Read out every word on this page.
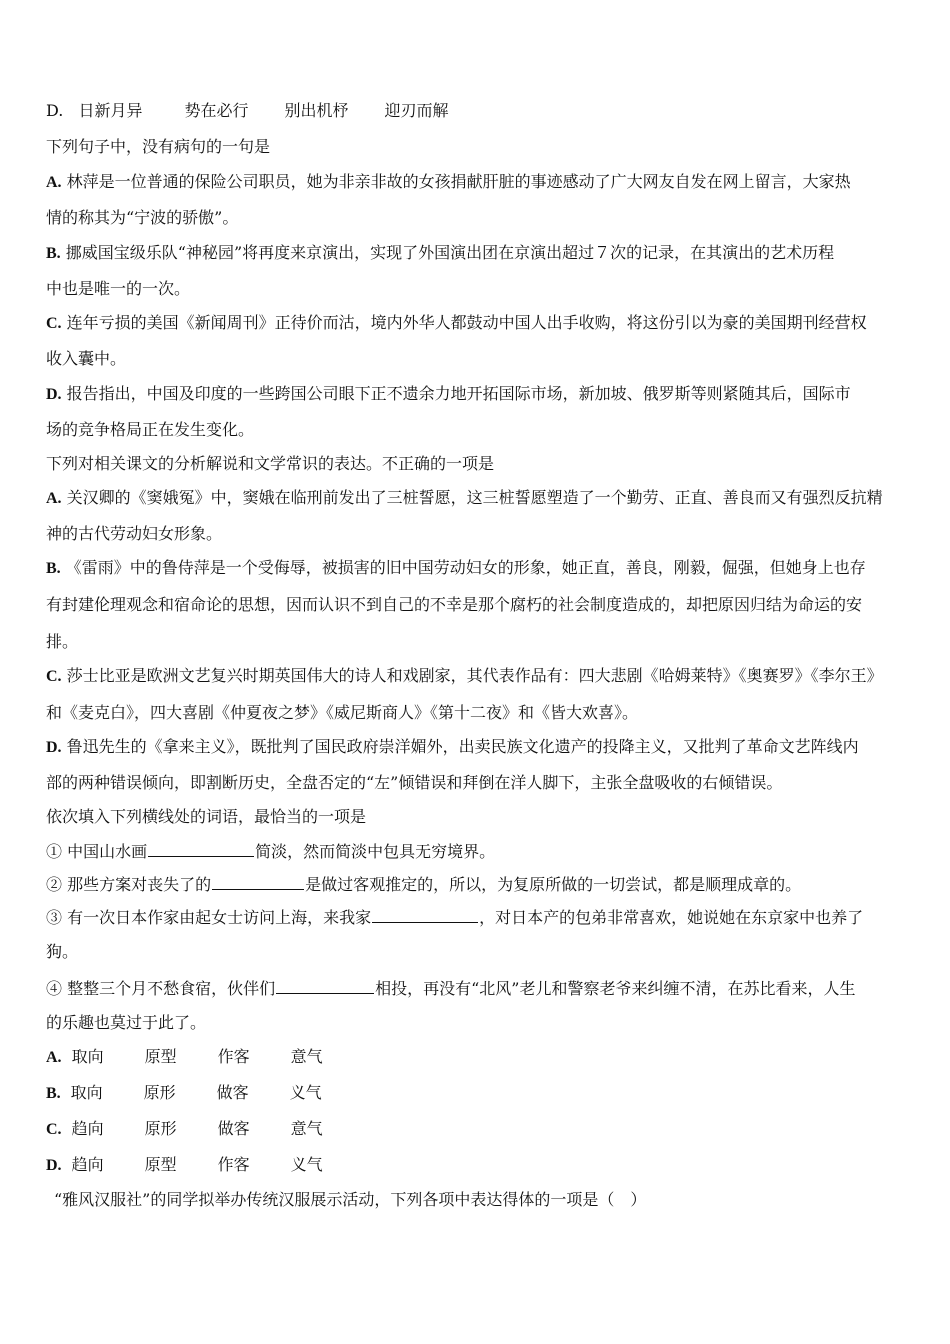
D. 日新月异	势在必行 别出机杼 迎刃而解
下列句子中，没有病句的一句是
A. 林萍是一位普通的保险公司职员，她为非亲非故的女孩捐献肝脏的事迹感动了广大网友自发在网上留言，大家热
情的称其为“宁波的骄傲”。
B. 挪威国宝级乐队“神秘园”将再度来京演出，实现了外国演出团在京演出超过７次的记录，在其演出的艺术历程
中也是唯一的一次。
C. 连年亏损的美国《新闻周刊》正待价而沽，境内外华人都鼓动中国人出手收购，将这份引以为豪的美国期刊经营权
收入囊中。
D. 报告指出，中国及印度的一些跨国公司眼下正不遗余力地开拓国际市场，新加坡、俄罗斯等则紧随其后，国际市
场的竞争格局正在发生变化。
下列对相关课文的分析解说和文学常识的表达。不正确的一项是
A. 关汉卿的《窦娥冤》中，窦娥在临刑前发出了三桩誓愿，这三桩誓愿塑造了一个勤劳、正直、善良而又有强烈反抗精
神的古代劳动妇女形象。
B. 《雷雨》中的鲁侍萍是一个受侮辱，被损害的旧中国劳动妇女的形象，她正直，善良，刚毅，倔强，但她身上也存
有封建伦理观念和宿命论的思想，因而认识不到自己的不幸是那个腐朽的社会制度造成的，却把原因归结为命运的安
排。
C. 莎士比亚是欧洲文艺复兴时期英国伟大的诗人和戏剧家，其代表作品有：四大悲剧《哈姆莱特》《奥赛罗》《李尔王》
和《麦克白》，四大喜剧《仲夏夜之梦》《威尼斯商人》《第十二夜》和《皆大欢喜》。
D. 鲁迅先生的《拿来主义》，既批判了国民政府崇洋媚外，出卖民族文化遗产的投降主义，又批判了革命文艺阵线内
部的两种错误倾向，即割断历史，全盘否定的“左”倾错误和拜倒在洋人脚下，主张全盘吸收的右倾错误。
依次填入下列横线处的词语，最恰当的一项是
① 中国山水画	简淡，然而简淡中包具无穷境界。
② 那些方案对丧失了的	是做过客观推定的，所以，为复原所做的一切尝试，都是顺理成章的。
③ 有一次日本作家由起女士访问上海，来我家	，对日本产的包弟非常喜欢，她说她在东京家中也养了
狗。
④ 整整三个月不愁食宿，伙伴们	相投，再没有“北风”老儿和警察老爷来纠缠不清，在苏比看来，人生
的乐趣也莫过于此了。
A. 取向	原型	作客	意气
B. 取向	原形	做客	义气
C. 趋向	原形	做客	意气
D. 趋向	原型	作客	义气
“雅风汉服社”的同学拟举办传统汉服展示活动，下列各项中表达得体的一项是（　）
